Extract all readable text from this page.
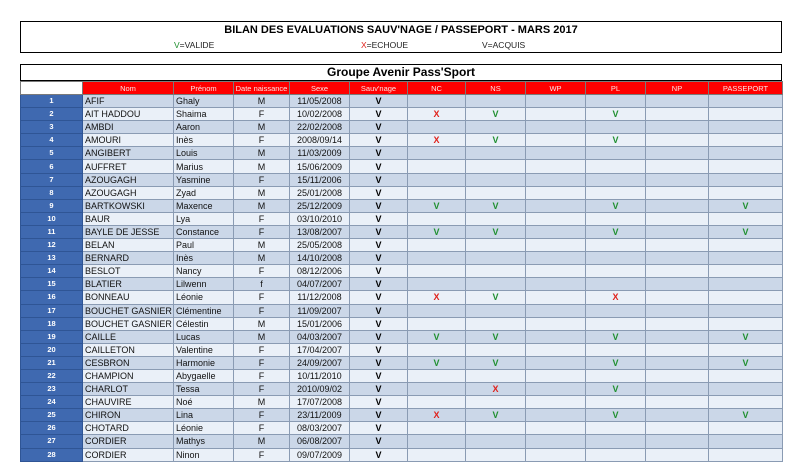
BILAN DES EVALUATIONS SAUV'NAGE / PASSEPORT - MARS 2017
V=VALIDE	X=ECHOUE	V=ACQUIS
Groupe Avenir Pass'Sport
	Nom	Prénom	Date naissance	Sexe	Sauv'nage	NC	NS	WP	PL	NP	PASSEPORT
1	AFIF	Ghaly	M	11/05/2008	V						
2	AIT HADDOU	Shaima	F	10/02/2008	V	X	V		V		
3	AMBDI	Aaron	M	22/02/2008	V						
4	AMOURI	Inès	F	2008/09/14	V	X	V		V		
5	ANGIBERT	Louis	M	11/03/2009	V						
6	AUFFRET	Marius	M	15/06/2009	V						
7	AZOUGAGH	Yasmine	F	15/11/2006	V						
8	AZOUGAGH	Zyad	M	25/01/2008	V						
9	BARTKOWSKI	Maxence	M	25/12/2009	V	V	V		V		V
10	BAUR	Lya	F	03/10/2010	V						
11	BAYLE DE JESSE	Constance	F	13/08/2007	V	V	V		V		V
12	BELAN	Paul	M	25/05/2008	V						
13	BERNARD	Inès	M	14/10/2008	V						
14	BESLOT	Nancy	F	08/12/2006	V						
15	BLATIER	Lilwenn	f	04/07/2007	V						
16	BONNEAU	Léonie	F	11/12/2008	V	X	V		X		
17	BOUCHET GASNIER	Clémentine	F	11/09/2007	V						
18	BOUCHET GASNIER	Célestin	M	15/01/2006	V						
19	CAILLE	Lucas	M	04/03/2007	V	V	V		V		V
20	CAILLETON	Valentine	F	17/04/2007	V						
21	CESBRON	Harmonie	F	24/09/2007	V	V	V		V		V
22	CHAMPION	Abygaelle	F	10/11/2010	V						
23	CHARLOT	Tessa	F	2010/09/02	V		X		V		
24	CHAUVIRE	Noé	M	17/07/2008	V						
25	CHIRON	Lina	F	23/11/2009	V	X	V		V		V
26	CHOTARD	Léonie	F	08/03/2007	V						
27	CORDIER	Mathys	M	06/08/2007	V						
28	CORDIER	Ninon	F	09/07/2009	V						
